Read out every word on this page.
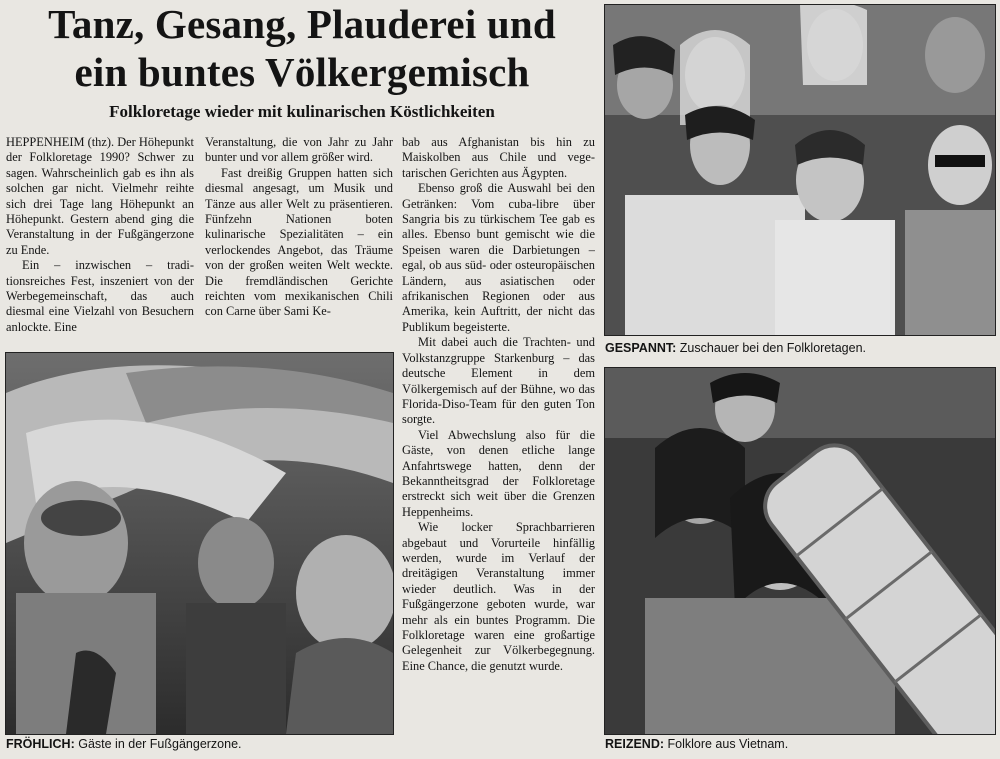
Tanz, Gesang, Plauderei und
ein buntes Völkergemisch
Folkloretage wieder mit kulinarischen Köstlichkeiten

HEPPENHEIM (thz). Der Höhepunkt der Folkloretage 1990? Schwer zu sagen. Wahrscheinlich gab es ihn als solchen gar nicht. Vielmehr reihte sich drei Tage lang Höhepunkt an Höhepunkt. Gestern abend ging die Veranstaltung in der Fußgängerzone zu Ende.

Ein – inzwischen – traditionsreiches Fest, inszeniert von der Werbegemeinschaft, das auch diesmal eine Vielzahl von Besuchern anlockte. Eine

Veranstaltung, die von Jahr zu Jahr bunter und vor allem größer wird.

Fast dreißig Gruppen hatten sich diesmal angesagt, um Musik und Tänze aus aller Welt zu präsentieren. Fünfzehn Nationen boten kulinarische Spezialitäten – ein verlockendes Angebot, das Träume von der großen weiten Welt weckte. Die fremdländischen Gerichte reichten vom mexikanischen Chili con Carne über Sami Ke-

bab aus Afghanistan bis hin zu Maiskolben aus Chile und vegetarischen Gerichten aus Ägypten.

Ebenso groß die Auswahl bei den Getränken: Vom cuba-libre über Sangria bis zu türkischem Tee gab es alles. Ebenso bunt gemischt wie die Speisen waren die Darbietungen – egal, ob aus süd- oder osteuropäischen Ländern, aus asiatischen oder afrikanischen Regionen oder aus Amerika, kein Auftritt, der nicht das Publikum begeisterte.

Mit dabei auch die Trachten- und Volkstanzgruppe Starkenburg – das deutsche Element in dem Völkergemisch auf der Bühne, wo das Florida-Diso-Team für den guten Ton sorgte.

Viel Abwechslung also für die Gäste, von denen etliche lange Anfahrtswege hatten, denn der Bekanntheitsgrad der Folkloretage erstreckt sich weit über die Grenzen Heppenheims.

Wie locker Sprachbarrieren abgebaut und Vorurteile hinfällig werden, wurde im Verlauf der dreitägigen Veranstaltung immer wieder deutlich. Was in der Fußgängerzone geboten wurde, war mehr als ein buntes Programm. Die Folkloretage waren eine großartige Gelegenheit zur Völkerbegegnung. Eine Chance, die genutzt wurde.

FRÖHLICH: Gäste in der Fußgängerzone.

GESPANNT: Zuschauer bei den Folkloretagen.

REIZEND: Folklore aus Vietnam.
